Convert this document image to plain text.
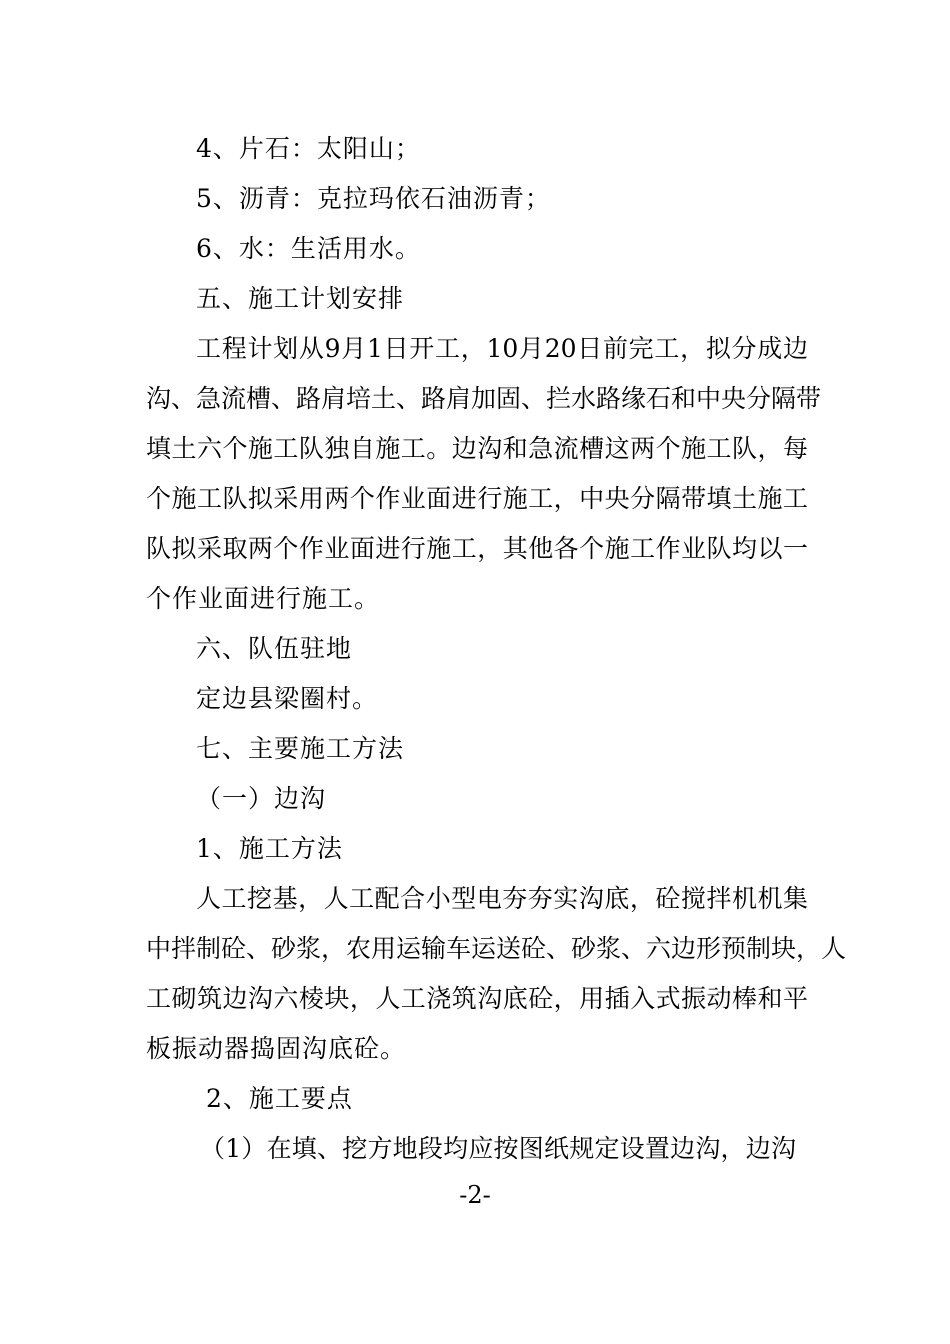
4、片石：太阳山；
5、沥青：克拉玛依石油沥青；
6、水：生活用水。
五、施工计划安排
工程计划从9月1日开工，10月20日前完工，拟分成边
沟、急流槽、路肩培土、路肩加固、拦水路缘石和中央分隔带
填土六个施工队独自施工。边沟和急流槽这两个施工队，每
个施工队拟采用两个作业面进行施工，中央分隔带填土施工
队拟采取两个作业面进行施工，其他各个施工作业队均以一
个作业面进行施工。
六、队伍驻地
定边县梁圈村。
七、主要施工方法
（一）边沟
1、施工方法
人工挖基，人工配合小型电夯夯实沟底，砼搅拌机机集
中拌制砼、砂浆，农用运输车运送砼、砂浆、六边形预制块，人
工砌筑边沟六棱块，人工浇筑沟底砼，用插入式振动棒和平
板振动器捣固沟底砼。
2、施工要点
（1）在填、挖方地段均应按图纸规定设置边沟，边沟
-2-
